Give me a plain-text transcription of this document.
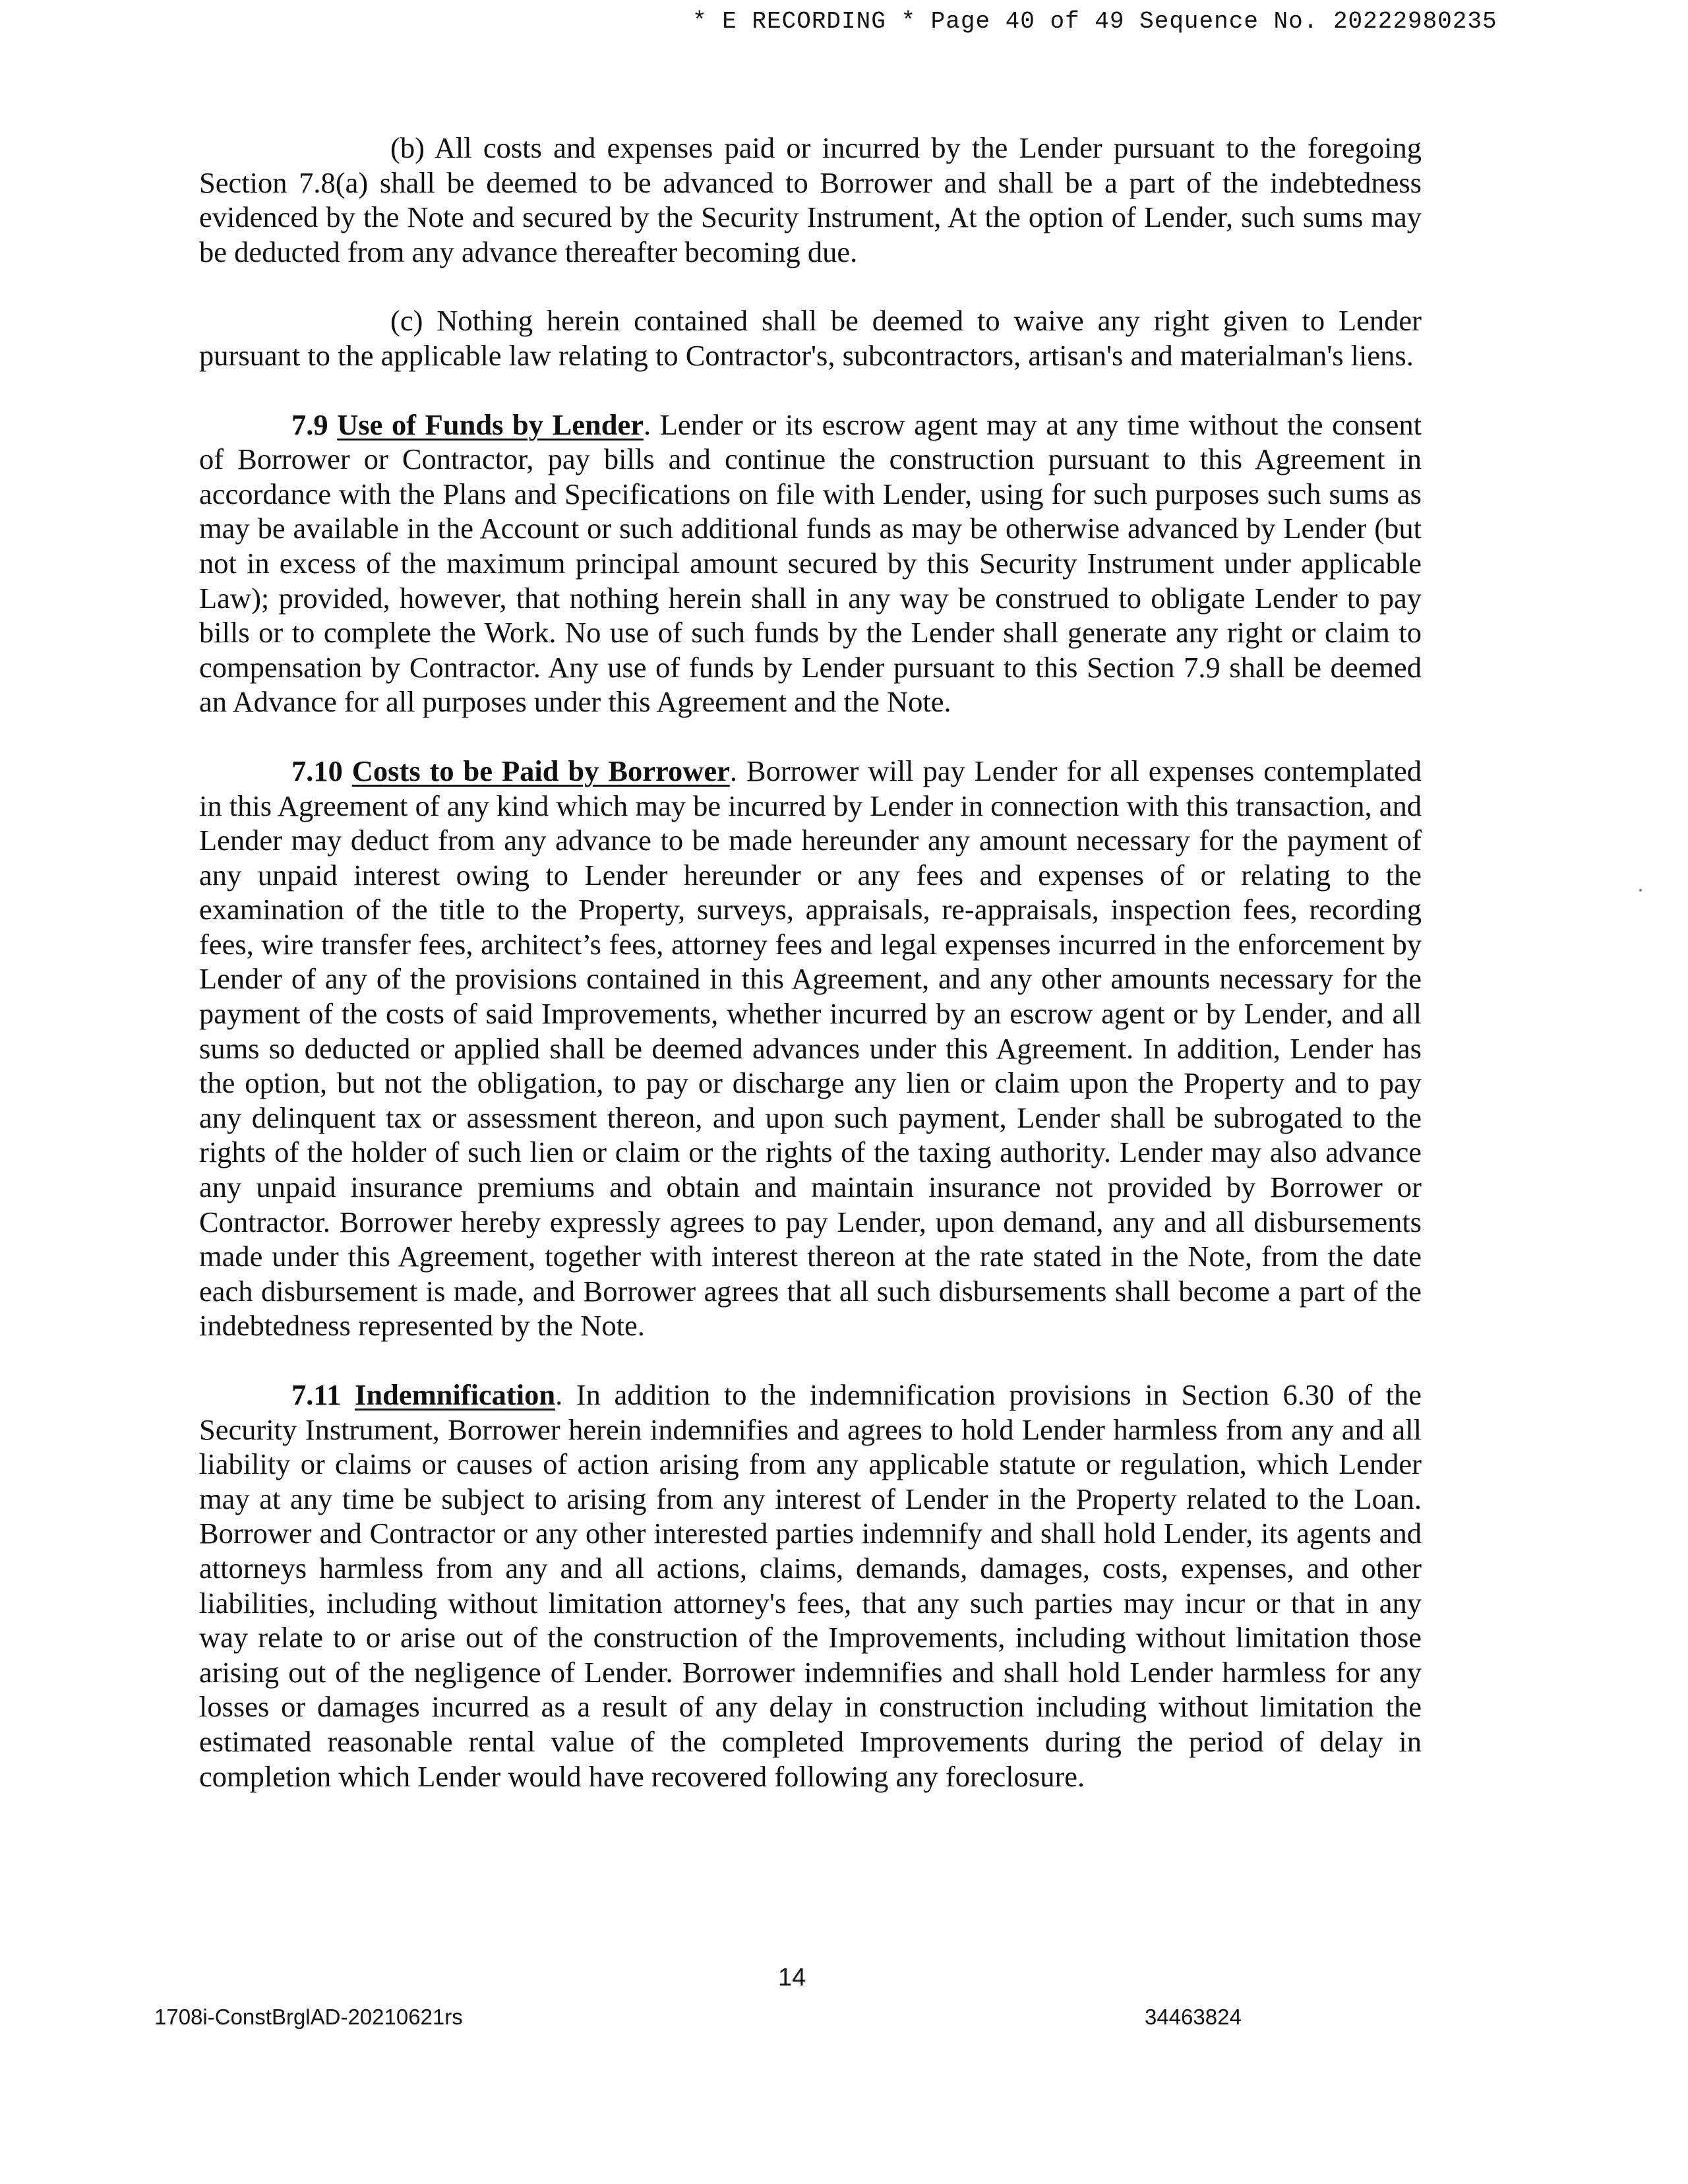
* E RECORDING * Page 40 of 49 Sequence No. 20222980235

(b) All costs and expenses paid or incurred by the Lender pursuant to the foregoing Section 7.8(a) shall be deemed to be advanced to Borrower and shall be a part of the indebtedness evidenced by the Note and secured by the Security Instrument, At the option of Lender, such sums may be deducted from any advance thereafter becoming due.

(c) Nothing herein contained shall be deemed to waive any right given to Lender pursuant to the applicable law relating to Contractor's, subcontractors, artisan's and materialman's liens.

7.9 Use of Funds by Lender. Lender or its escrow agent may at any time without the consent of Borrower or Contractor, pay bills and continue the construction pursuant to this Agreement in accordance with the Plans and Specifications on file with Lender, using for such purposes such sums as may be available in the Account or such additional funds as may be otherwise advanced by Lender (but not in excess of the maximum principal amount secured by this Security Instrument under applicable Law); provided, however, that nothing herein shall in any way be construed to obligate Lender to pay bills or to complete the Work. No use of such funds by the Lender shall generate any right or claim to compensation by Contractor. Any use of funds by Lender pursuant to this Section 7.9 shall be deemed an Advance for all purposes under this Agreement and the Note.

7.10 Costs to be Paid by Borrower. Borrower will pay Lender for all expenses contemplated in this Agreement of any kind which may be incurred by Lender in connection with this transaction, and Lender may deduct from any advance to be made hereunder any amount necessary for the payment of any unpaid interest owing to Lender hereunder or any fees and expenses of or relating to the examination of the title to the Property, surveys, appraisals, re-appraisals, inspection fees, recording fees, wire transfer fees, architect’s fees, attorney fees and legal expenses incurred in the enforcement by Lender of any of the provisions contained in this Agreement, and any other amounts necessary for the payment of the costs of said Improvements, whether incurred by an escrow agent or by Lender, and all sums so deducted or applied shall be deemed advances under this Agreement. In addition, Lender has the option, but not the obligation, to pay or discharge any lien or claim upon the Property and to pay any delinquent tax or assessment thereon, and upon such payment, Lender shall be subrogated to the rights of the holder of such lien or claim or the rights of the taxing authority. Lender may also advance any unpaid insurance premiums and obtain and maintain insurance not provided by Borrower or Contractor. Borrower hereby expressly agrees to pay Lender, upon demand, any and all disbursements made under this Agreement, together with interest thereon at the rate stated in the Note, from the date each disbursement is made, and Borrower agrees that all such disbursements shall become a part of the indebtedness represented by the Note.

7.11 Indemnification. In addition to the indemnification provisions in Section 6.30 of the Security Instrument, Borrower herein indemnifies and agrees to hold Lender harmless from any and all liability or claims or causes of action arising from any applicable statute or regulation, which Lender may at any time be subject to arising from any interest of Lender in the Property related to the Loan. Borrower and Contractor or any other interested parties indemnify and shall hold Lender, its agents and attorneys harmless from any and all actions, claims, demands, damages, costs, expenses, and other liabilities, including without limitation attorney's fees, that any such parties may incur or that in any way relate to or arise out of the construction of the Improvements, including without limitation those arising out of the negligence of Lender. Borrower indemnifies and shall hold Lender harmless for any losses or damages incurred as a result of any delay in construction including without limitation the estimated reasonable rental value of the completed Improvements during the period of delay in completion which Lender would have recovered following any foreclosure.

14
1708i-ConstBrglAD-20210621rs	34463824
